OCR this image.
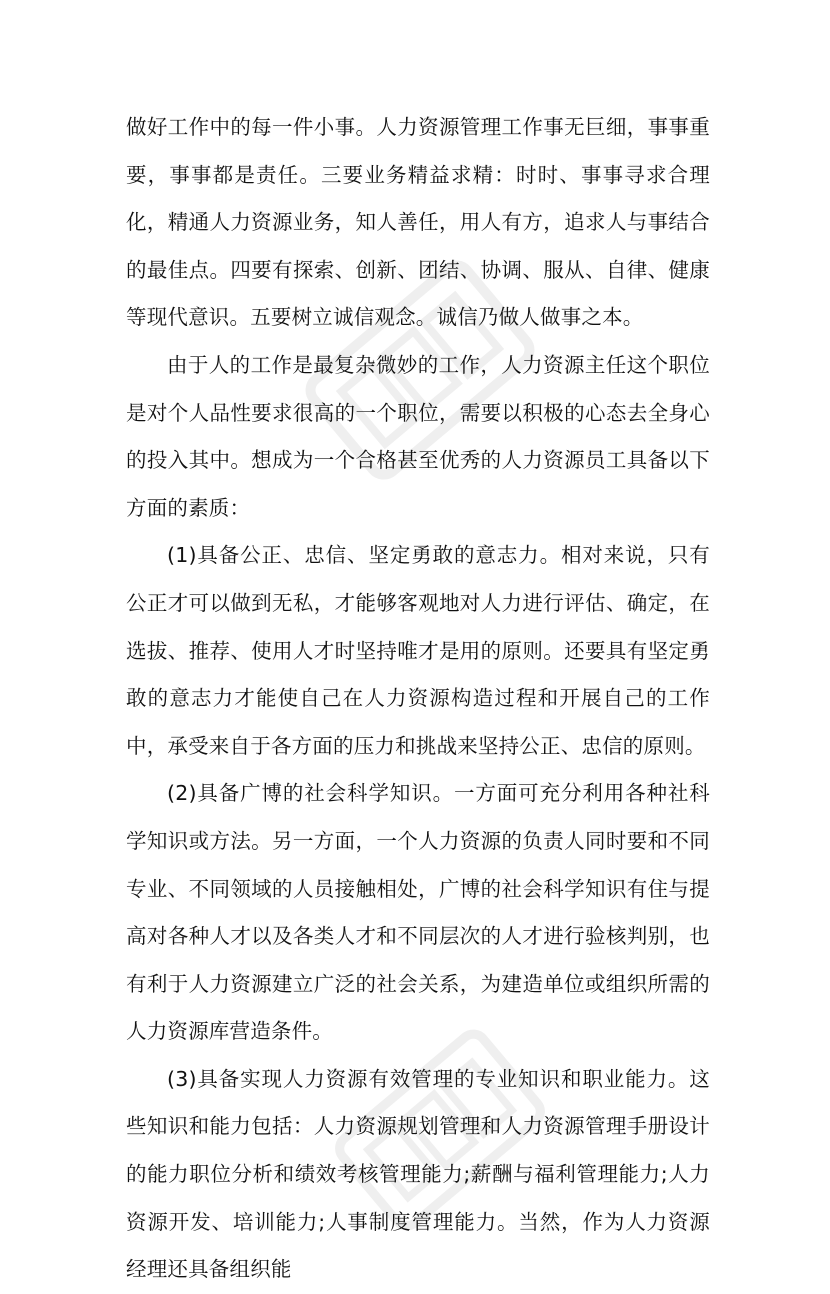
做好工作中的每一件小事。人力资源管理工作事无巨细，事事重要，事事都是责任。三要业务精益求精：时时、事事寻求合理化，精通人力资源业务，知人善任，用人有方，追求人与事结合的最佳点。四要有探索、创新、团结、协调、服从、自律、健康等现代意识。五要树立诚信观念。诚信乃做人做事之本。

由于人的工作是最复杂微妙的工作，人力资源主任这个职位是对个人品性要求很高的一个职位，需要以积极的心态去全身心的投入其中。想成为一个合格甚至优秀的人力资源员工具备以下方面的素质：

(1)具备公正、忠信、坚定勇敢的意志力。相对来说，只有公正才可以做到无私，才能够客观地对人力进行评估、确定，在选拔、推荐、使用人才时坚持唯才是用的原则。还要具有坚定勇敢的意志力才能使自己在人力资源构造过程和开展自己的工作中，承受来自于各方面的压力和挑战来坚持公正、忠信的原则。

(2)具备广博的社会科学知识。一方面可充分利用各种社科学知识或方法。另一方面，一个人力资源的负责人同时要和不同专业、不同领域的人员接触相处，广博的社会科学知识有住与提高对各种人才以及各类人才和不同层次的人才进行验核判别，也有利于人力资源建立广泛的社会关系，为建造单位或组织所需的人力资源库营造条件。

(3)具备实现人力资源有效管理的专业知识和职业能力。这些知识和能力包括：人力资源规划管理和人力资源管理手册设计的能力职位分析和绩效考核管理能力;薪酬与福利管理能力;人力资源开发、培训能力;人事制度管理能力。当然，作为人力资源经理还具备组织能
